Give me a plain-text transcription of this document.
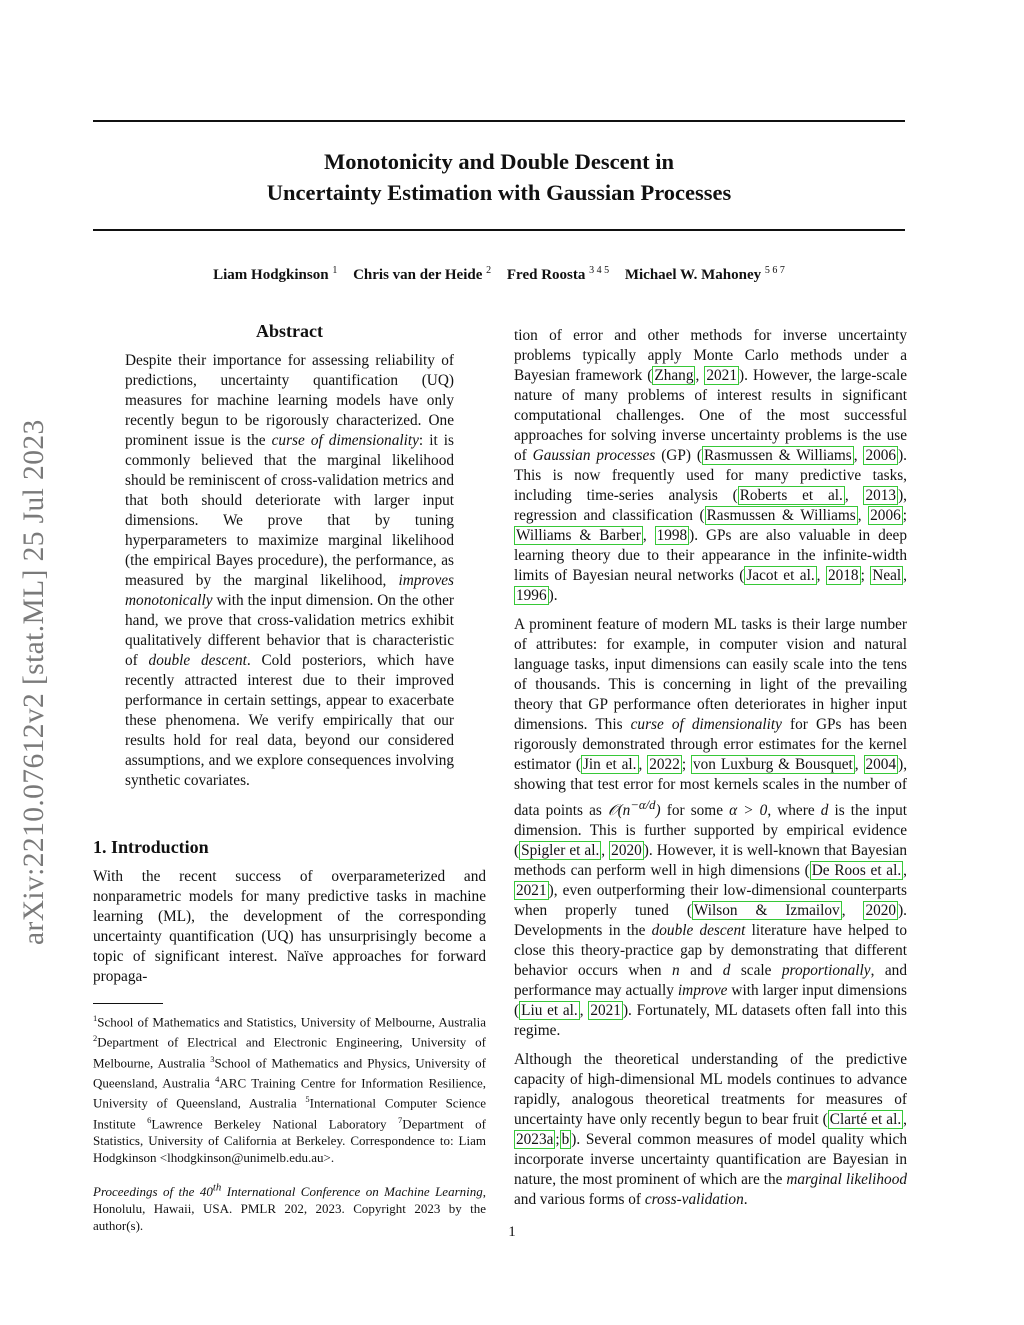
Monotonicity and Double Descent in
Uncertainty Estimation with Gaussian Processes
Liam Hodgkinson $^1$ Chris van der Heide $^2$ Fred Roosta $^{3 4 5}$ Michael W. Mahoney $^{5 6 7}$
arXiv:2210.07612v2 [stat.ML] 25 Jul 2023
Abstract
Despite their importance for assessing reliability of predictions, uncertainty quantification (UQ) measures for machine learning models have only recently begun to be rigorously characterized. One prominent issue is the curse of dimensionality: it is commonly believed that the marginal likelihood should be reminiscent of cross-validation metrics and that both should deteriorate with larger input dimensions. We prove that by tuning hyperparameters to maximize marginal likelihood (the empirical Bayes procedure), the performance, as measured by the marginal likelihood, improves monotonically with the input dimension. On the other hand, we prove that cross-validation metrics exhibit qualitatively different behavior that is characteristic of double descent. Cold posteriors, which have recently attracted interest due to their improved performance in certain settings, appear to exacerbate these phenomena. We verify empirically that our results hold for real data, beyond our considered assumptions, and we explore consequences involving synthetic covariates.
1. Introduction

With the recent success of overparameterized and nonparametric models for many predictive tasks in machine learning (ML), the development of the corresponding uncertainty quantification (UQ) has unsurprisingly become a topic of significant interest. Naïve approaches for forward propaga-

$^1$School of Mathematics and Statistics, University of Melbourne, Australia $^2$Department of Electrical and Electronic Engineering, University of Melbourne, Australia $^3$School of Mathematics and Physics, University of Queensland, Australia $^4$ARC Training Centre for Information Resilience, University of Queensland, Australia $^5$International Computer Science Institute $^6$Lawrence Berkeley National Laboratory $^7$Department of Statistics, University of California at Berkeley. Correspondence to: Liam Hodgkinson <lhodgkinson@unimelb.edu.au>.

Proceedings of the 40th International Conference on Machine Learning, Honolulu, Hawaii, USA. PMLR 202, 2023. Copyright 2023 by the author(s).

tion of error and other methods for inverse uncertainty problems typically apply Monte Carlo methods under a Bayesian framework ( Zhang , 2021 ). However, the large-scale nature of many problems of interest results in significant computational challenges. One of the most successful approaches for solving inverse uncertainty problems is the use of Gaussian processes (GP) ( Rasmussen & Williams , 2006 ). This is now frequently used for many predictive tasks, including time-series analysis ( Roberts et al. , 2013 ), regression and classification ( Rasmussen & Williams , 2006 ; Williams & Barber , 1998 ). GPs are also valuable in deep learning theory due to their appearance in the infinite-width limits of Bayesian neural networks ( Jacot et al. , 2018 ; Neal , 1996 ).

A prominent feature of modern ML tasks is their large number of attributes: for example, in computer vision and natural language tasks, input dimensions can easily scale into the tens of thousands. This is concerning in light of the prevailing theory that GP performance often deteriorates in higher input dimensions. This curse of dimensionality for GPs has been rigorously demonstrated through error estimates for the kernel estimator ( Jin et al. , 2022 ; von Luxburg & Bousquet , 2004 ), showing that test error for most kernels scales in the number of data points as $𝒪(n^{-\alpha/d})$ for some α > 0, where d is the input dimension. This is further supported by empirical evidence ( Spigler et al. , 2020 ). However, it is well-known that Bayesian methods can perform well in high dimensions ( De Roos et al. , 2021 ), even outperforming their low-dimensional counterparts when properly tuned ( Wilson & Izmailov , 2020 ). Developments in the double descent literature have helped to close this theory-practice gap by demonstrating that different behavior occurs when n and d scale proportionally, and performance may actually improve with larger input dimensions ( Liu et al. , 2021 ). Fortunately, ML datasets often fall into this regime.

Although the theoretical understanding of the predictive capacity of high-dimensional ML models continues to advance rapidly, analogous theoretical treatments for measures of uncertainty have only recently begun to bear fruit ( Clarté et al. , 2023a ; b ). Several common measures of model quality which incorporate inverse uncertainty quantification are Bayesian in nature, the most prominent of which are the marginal likelihood and various forms of cross-validation.

1
